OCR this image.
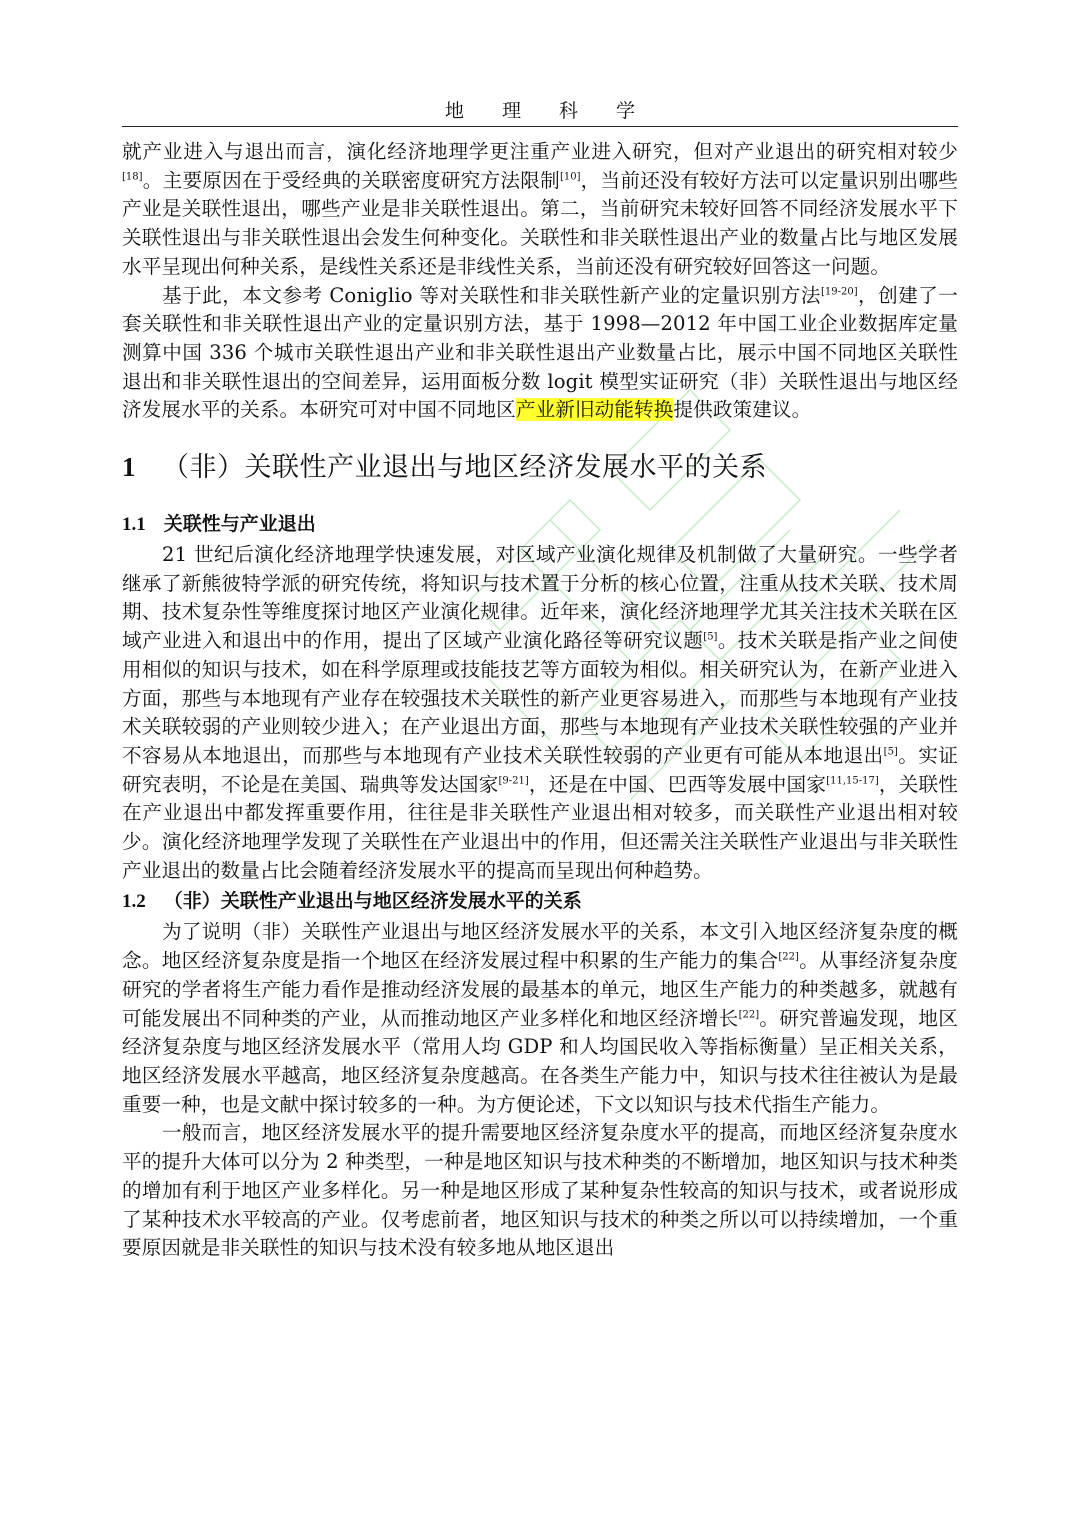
地理科学

就产业进入与退出而言，演化经济地理学更注重产业进入研究，但对产业退出的研究相对较少[18]。主要原因在于受经典的关联密度研究方法限制[10]，当前还没有较好方法可以定量识别出哪些产业是关联性退出，哪些产业是非关联性退出。第二，当前研究未较好回答不同经济发展水平下关联性退出与非关联性退出会发生何种变化。关联性和非关联性退出产业的数量占比与地区发展水平呈现出何种关系，是线性关系还是非线性关系，当前还没有研究较好回答这一问题。

基于此，本文参考 Coniglio 等对关联性和非关联性新产业的定量识别方法[19-20]，创建了一套关联性和非关联性退出产业的定量识别方法，基于 1998—2012 年中国工业企业数据库定量测算中国 336 个城市关联性退出产业和非关联性退出产业数量占比，展示中国不同地区关联性退出和非关联性退出的空间差异，运用面板分数 logit 模型实证研究（非）关联性退出与地区经济发展水平的关系。本研究可对中国不同地区产业新旧动能转换提供政策建议。

1 （非）关联性产业退出与地区经济发展水平的关系
1.1 关联性与产业退出

21 世纪后演化经济地理学快速发展，对区域产业演化规律及机制做了大量研究。一些学者继承了新熊彼特学派的研究传统，将知识与技术置于分析的核心位置，注重从技术关联、技术周期、技术复杂性等维度探讨地区产业演化规律。近年来，演化经济地理学尤其关注技术关联在区域产业进入和退出中的作用，提出了区域产业演化路径等研究议题[5]。技术关联是指产业之间使用相似的知识与技术，如在科学原理或技能技艺等方面较为相似。相关研究认为，在新产业进入方面，那些与本地现有产业存在较强技术关联性的新产业更容易进入，而那些与本地现有产业技术关联较弱的产业则较少进入；在产业退出方面，那些与本地现有产业技术关联性较强的产业并不容易从本地退出，而那些与本地现有产业技术关联性较弱的产业更有可能从本地退出[5]。实证研究表明，不论是在美国、瑞典等发达国家[9-21]，还是在中国、巴西等发展中国家[11,15-17]，关联性在产业退出中都发挥重要作用，往往是非关联性产业退出相对较多，而关联性产业退出相对较少。演化经济地理学发现了关联性在产业退出中的作用，但还需关注关联性产业退出与非关联性产业退出的数量占比会随着经济发展水平的提高而呈现出何种趋势。

1.2 （非）关联性产业退出与地区经济发展水平的关系

为了说明（非）关联性产业退出与地区经济发展水平的关系，本文引入地区经济复杂度的概念。地区经济复杂度是指一个地区在经济发展过程中积累的生产能力的集合[22]。从事经济复杂度研究的学者将生产能力看作是推动经济发展的最基本的单元，地区生产能力的种类越多，就越有可能发展出不同种类的产业，从而推动地区产业多样化和地区经济增长[22]。研究普遍发现，地区经济复杂度与地区经济发展水平（常用人均 GDP 和人均国民收入等指标衡量）呈正相关关系，地区经济发展水平越高，地区经济复杂度越高。在各类生产能力中，知识与技术往往被认为是最重要一种，也是文献中探讨较多的一种。为方便论述，下文以知识与技术代指生产能力。

一般而言，地区经济发展水平的提升需要地区经济复杂度水平的提高，而地区经济复杂度水平的提升大体可以分为 2 种类型，一种是地区知识与技术种类的不断增加，地区知识与技术种类的增加有利于地区产业多样化。另一种是地区形成了某种复杂性较高的知识与技术，或者说形成了某种技术水平较高的产业。仅考虑前者，地区知识与技术的种类之所以可以持续增加，一个重要原因就是非关联性的知识与技术没有较多地从地区退出
